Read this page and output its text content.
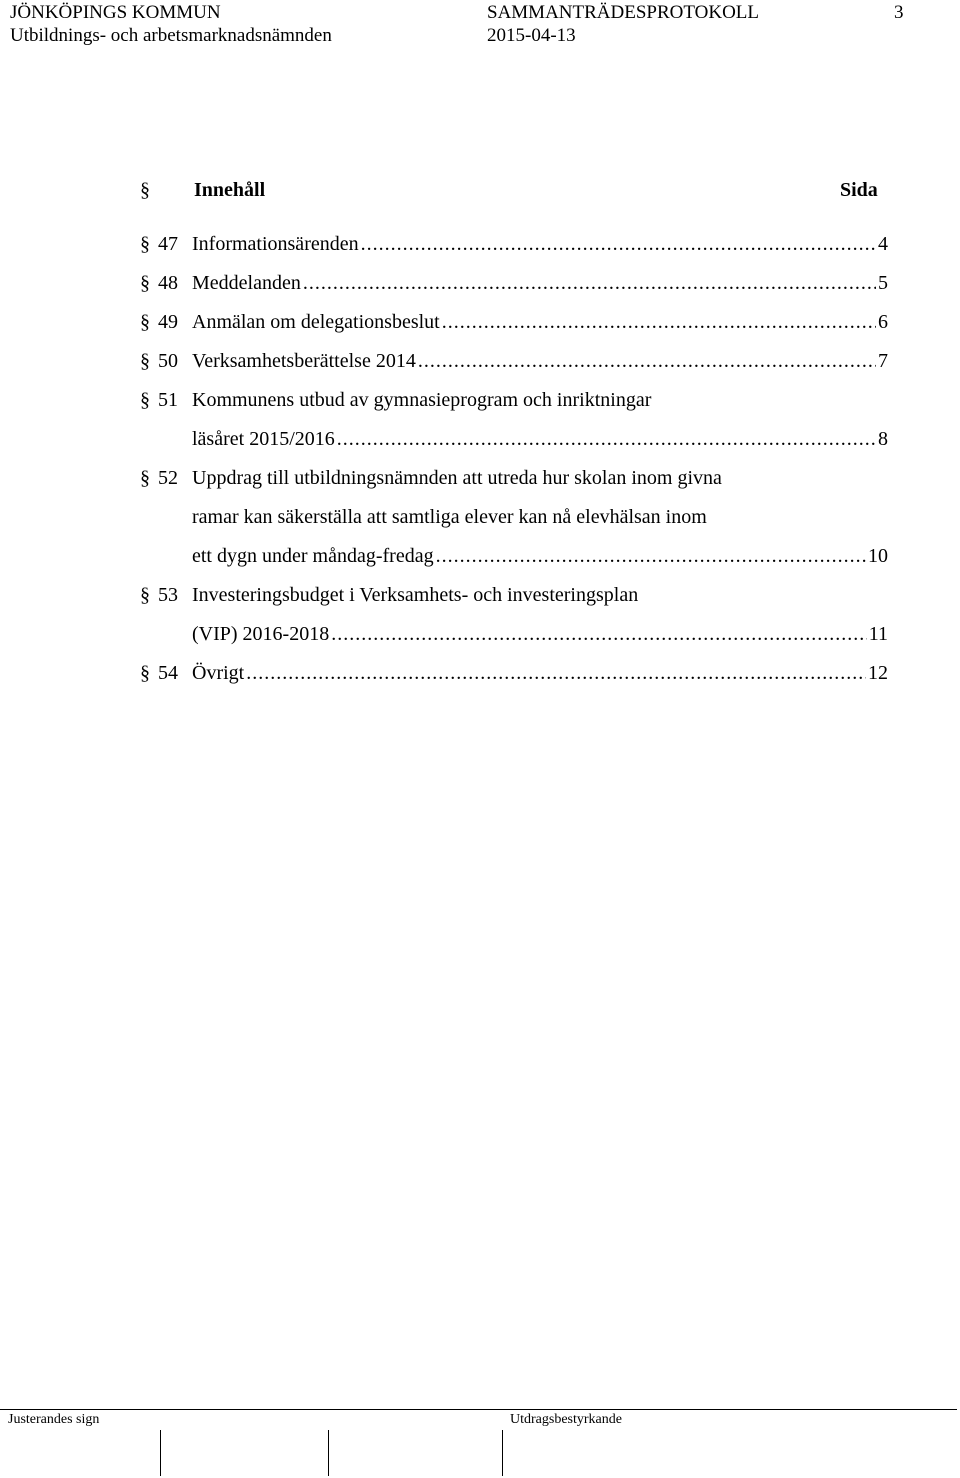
JÖNKÖPINGS KOMMUN
Utbildnings- och arbetsmarknadsnämnden
SAMMANTRÄDESPROTOKOLL
2015-04-13
3
§ Innehåll	Sida
§ 47 Informationsärenden .....	4
§ 48 Meddelanden .....	5
§ 49 Anmälan om delegationsbeslut .....	6
§ 50 Verksamhetsberättelse 2014 .....	7
§ 51 Kommunens utbud av gymnasieprogram och inriktningar
läsåret 2015/2016 .....	8
§ 52 Uppdrag till utbildningsnämnden att utreda hur skolan inom givna
ramar kan säkerställa att samtliga elever kan nå elevhälsan inom
ett dygn under måndag-fredag .....	10
§ 53 Investeringsbudget i Verksamhets- och investeringsplan
(VIP) 2016-2018 .....	11
§ 54 Övrigt .....	12
Justerandes sign	Utdragsbestyrkande
